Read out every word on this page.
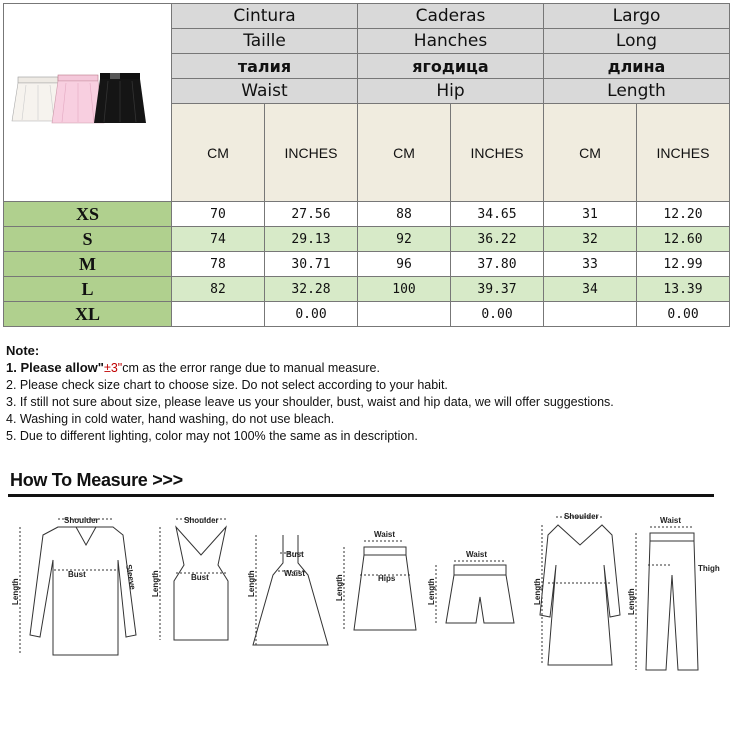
	Cintura		Caderas		Largo	
	Taille		Hanches		Long	
	талия		ягодица		длина	
	Waist		Hip		Length	
	CM	INCHES	CM	INCHES	CM	INCHES
XS	70	27.56	88	34.65	31	12.20
S	74	29.13	92	36.22	32	12.60
M	78	30.71	96	37.80	33	12.99
L	82	32.28	100	39.37	34	13.39
XL		0.00		0.00		0.00
Note:
1. Please allow"±3"cm as the error range due to manual measure.
2. Please check size chart to choose size. Do not select according to your habit.
3. If still not sure about size, please leave us your shoulder, bust, waist and hip data, we will offer suggestions.
4. Washing in cold water, hand washing, do not use bleach.
5. Due to different lighting, color may not 100% the same as in description.
How To Measure >>>
Shoulder
Bust
Length
Sleeve
Shoulder
Bust
Length
Bust
Waist
Length
Waist
Hips
Length
Waist
Length
Shoulder
Length
Waist
Thigh
Length
